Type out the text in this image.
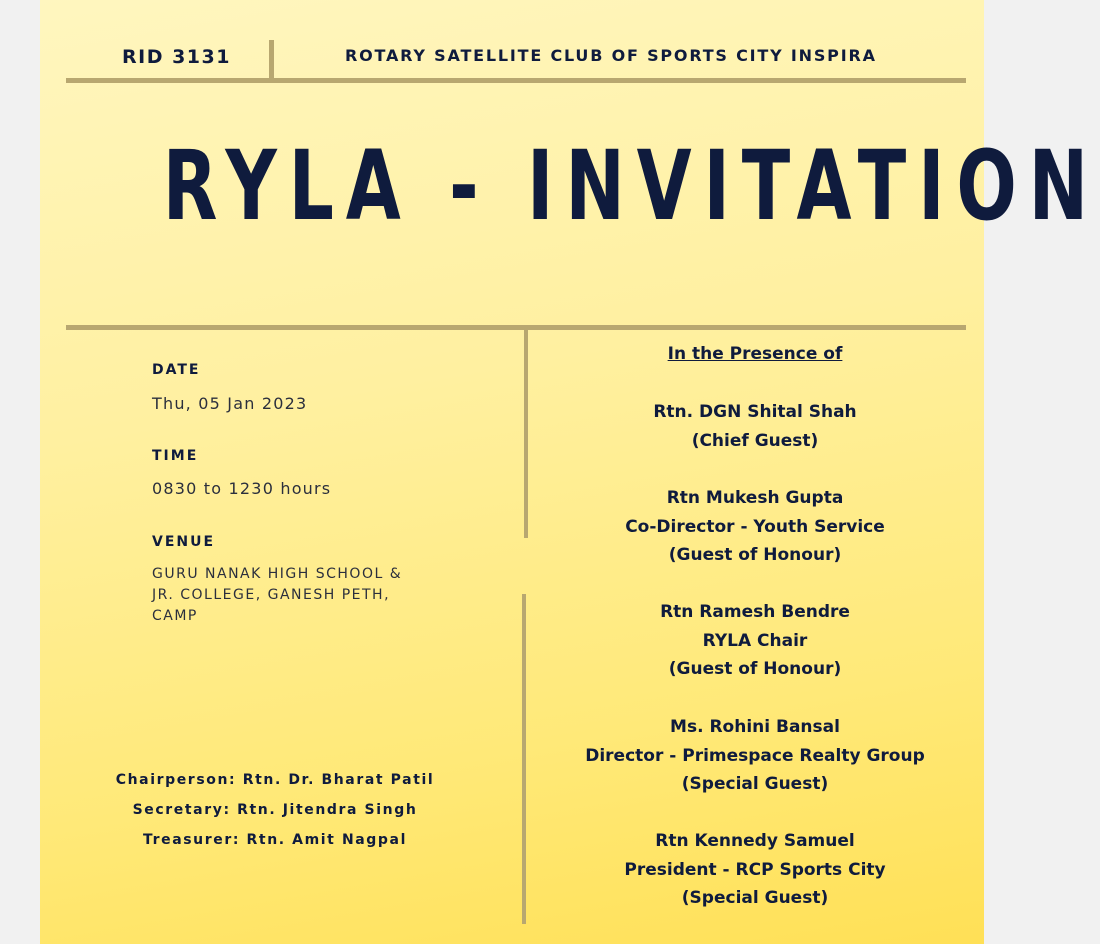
RID 3131	ROTARY SATELLITE CLUB OF SPORTS CITY INSPIRA
RYLA - INVITATION
DATE
Thu, 05 Jan 2023
TIME
0830 to 1230 hours
VENUE
GURU NANAK HIGH SCHOOL & JR. COLLEGE, GANESH PETH, CAMP
Chairperson: Rtn. Dr. Bharat Patil
Secretary: Rtn. Jitendra Singh
Treasurer: Rtn. Amit Nagpal
In the Presence of
Rtn. DGN Shital Shah
(Chief Guest)
Rtn Mukesh Gupta
Co-Director - Youth Service
(Guest of Honour)
Rtn Ramesh Bendre
RYLA Chair
(Guest of Honour)
Ms. Rohini Bansal
Director - Primespace Realty Group
(Special Guest)
Rtn Kennedy Samuel
President - RCP Sports City
(Special Guest)
